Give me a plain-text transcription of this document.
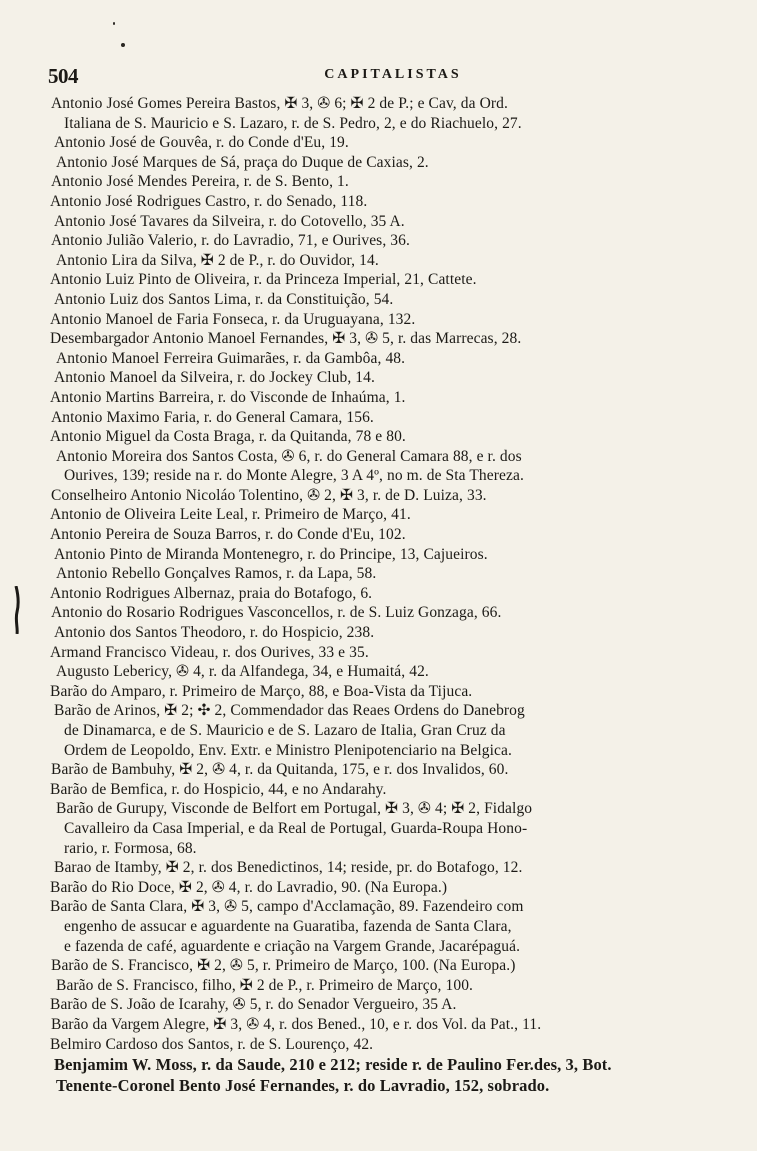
504	CAPITALISTAS
Antonio José Gomes Pereira Bastos, ✠ 3, ✇ 6; ✠ 2 de P.; e Cav, da Ord.
Italiana de S. Mauricio e S. Lazaro, r. de S. Pedro, 2, e do Riachuelo, 27.
Antonio José de Gouvêa, r. do Conde d'Eu, 19.
Antonio José Marques de Sá, praça do Duque de Caxias, 2.
Antonio José Mendes Pereira, r. de S. Bento, 1.
Antonio José Rodrigues Castro, r. do Senado, 118.
Antonio José Tavares da Silveira, r. do Cotovello, 35 A.
Antonio Julião Valerio, r. do Lavradio, 71, e Ourives, 36.
Antonio Lira da Silva, ✠ 2 de P., r. do Ouvidor, 14.
Antonio Luiz Pinto de Oliveira, r. da Princeza Imperial, 21, Cattete.
Antonio Luiz dos Santos Lima, r. da Constituição, 54.
Antonio Manoel de Faria Fonseca, r. da Uruguayana, 132.
Desembargador Antonio Manoel Fernandes, ✠ 3, ✇ 5, r. das Marrecas, 28.
Antonio Manoel Ferreira Guimarães, r. da Gambôa, 48.
Antonio Manoel da Silveira, r. do Jockey Club, 14.
Antonio Martins Barreira, r. do Visconde de Inhaúma, 1.
Antonio Maximo Faria, r. do General Camara, 156.
Antonio Miguel da Costa Braga, r. da Quitanda, 78 e 80.
Antonio Moreira dos Santos Costa, ✇ 6, r. do General Camara 88, e r. dos
Ourives, 139; reside na r. do Monte Alegre, 3 A 4º, no m. de Sta Thereza.
Conselheiro Antonio Nicoláo Tolentino, ✇ 2, ✠ 3, r. de D. Luiza, 33.
Antonio de Oliveira Leite Leal, r. Primeiro de Março, 41.
Antonio Pereira de Souza Barros, r. do Conde d'Eu, 102.
Antonio Pinto de Miranda Montenegro, r. do Principe, 13, Cajueiros.
Antonio Rebello Gonçalves Ramos, r. da Lapa, 58.
Antonio Rodrigues Albernaz, praia do Botafogo, 6.
Antonio do Rosario Rodrigues Vasconcellos, r. de S. Luiz Gonzaga, 66.
Antonio dos Santos Theodoro, r. do Hospicio, 238.
Armand Francisco Videau, r. dos Ourives, 33 e 35.
Augusto Lebericy, ✇ 4, r. da Alfandega, 34, e Humaitá, 42.
Barão do Amparo, r. Primeiro de Março, 88, e Boa-Vista da Tijuca.
Barão de Arinos, ✠ 2; ✣ 2, Commendador das Reaes Ordens do Danebrog
de Dinamarca, e de S. Mauricio e de S. Lazaro de Italia, Gran Cruz da
Ordem de Leopoldo, Env. Extr. e Ministro Plenipotenciario na Belgica.
Barão de Bambuhy, ✠ 2, ✇ 4, r. da Quitanda, 175, e r. dos Invalidos, 60.
Barão de Bemfica, r. do Hospicio, 44, e no Andarahy.
Barão de Gurupy, Visconde de Belfort em Portugal, ✠ 3, ✇ 4; ✠ 2, Fidalgo
Cavalleiro da Casa Imperial, e da Real de Portugal, Guarda-Roupa Hono-
rario, r. Formosa, 68.
Barao de Itamby, ✠ 2, r. dos Benedictinos, 14; reside, pr. do Botafogo, 12.
Barão do Rio Doce, ✠ 2, ✇ 4, r. do Lavradio, 90. (Na Europa.)
Barão de Santa Clara, ✠ 3, ✇ 5, campo d'Acclamação, 89. Fazendeiro com
engenho de assucar e aguardente na Guaratiba, fazenda de Santa Clara,
e fazenda de café, aguardente e criação na Vargem Grande, Jacarépaguá.
Barão de S. Francisco, ✠ 2, ✇ 5, r. Primeiro de Março, 100. (Na Europa.)
Barão de S. Francisco, filho, ✠ 2 de P., r. Primeiro de Março, 100.
Barão de S. João de Icarahy, ✇ 5, r. do Senador Vergueiro, 35 A.
Barão da Vargem Alegre, ✠ 3, ✇ 4, r. dos Bened., 10, e r. dos Vol. da Pat., 11.
Belmiro Cardoso dos Santos, r. de S. Lourenço, 42.
Benjamim W. Moss, r. da Saude, 210 e 212; reside r. de Paulino Fer.des, 3, Bot.
Tenente-Coronel Bento José Fernandes, r. do Lavradio, 152, sobrado.
